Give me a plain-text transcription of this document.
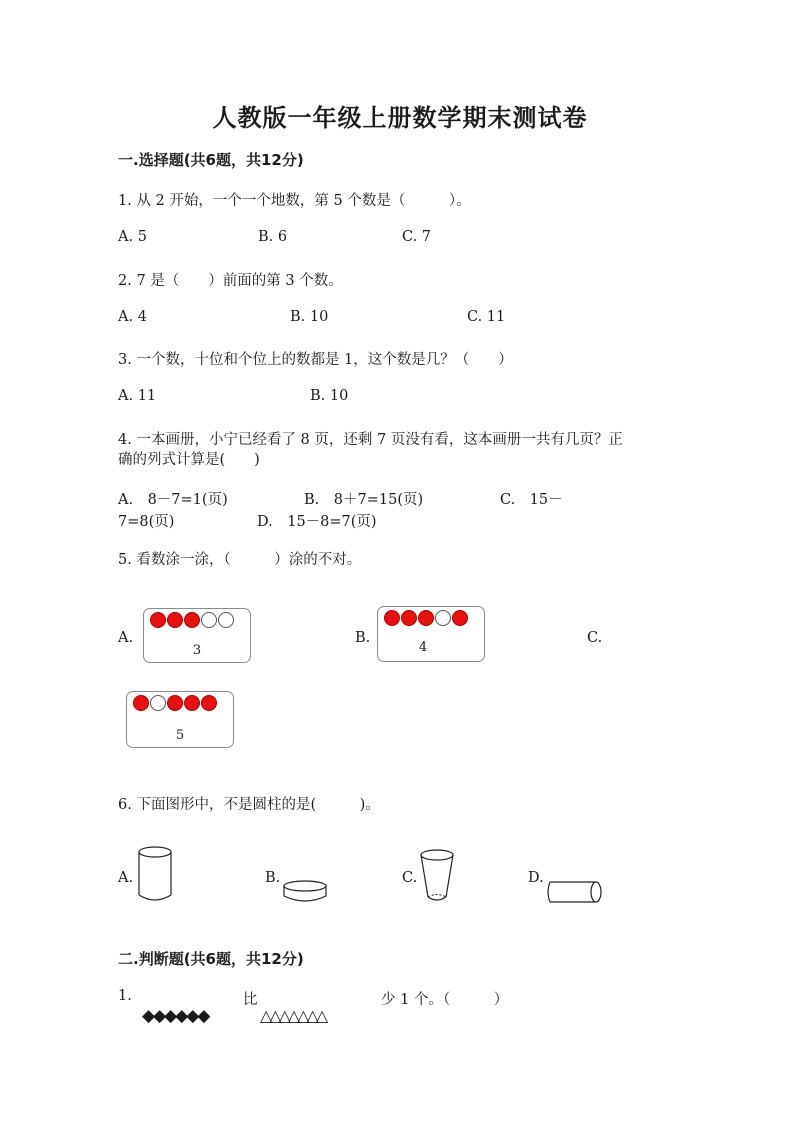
人教版一年级上册数学期末测试卷
一.选择题(共6题，共12分)
1. 从 2 开始，一个一个地数，第 5 个数是（　　　）。
A. 5	B. 6	C. 7
2. 7 是（　　）前面的第 3 个数。
A. 4	B. 10	C. 11
3. 一个数，十位和个位上的数都是 1，这个数是几？（　　）
A. 11	B. 10
4. 一本画册，小宁已经看了 8 页，还剩 7 页没有看，这本画册一共有几页？正
确的列式计算是(　　)
A.　8－7=1(页)	B.　8＋7=15(页)	C.　15－
7=8(页)	D.　15－8=7(页)
5. 看数涂一涂，（　　　）涂的不对。
A.
3
B.
4
C.
5
6. 下面图形中，不是圆柱的是(　　　)。
A.	B.	C.	D.
二.判断题(共6题，共12分)
1.	比	少 1 个。（　　　）
◆◆◆◆◆◆	△△△△△△△
